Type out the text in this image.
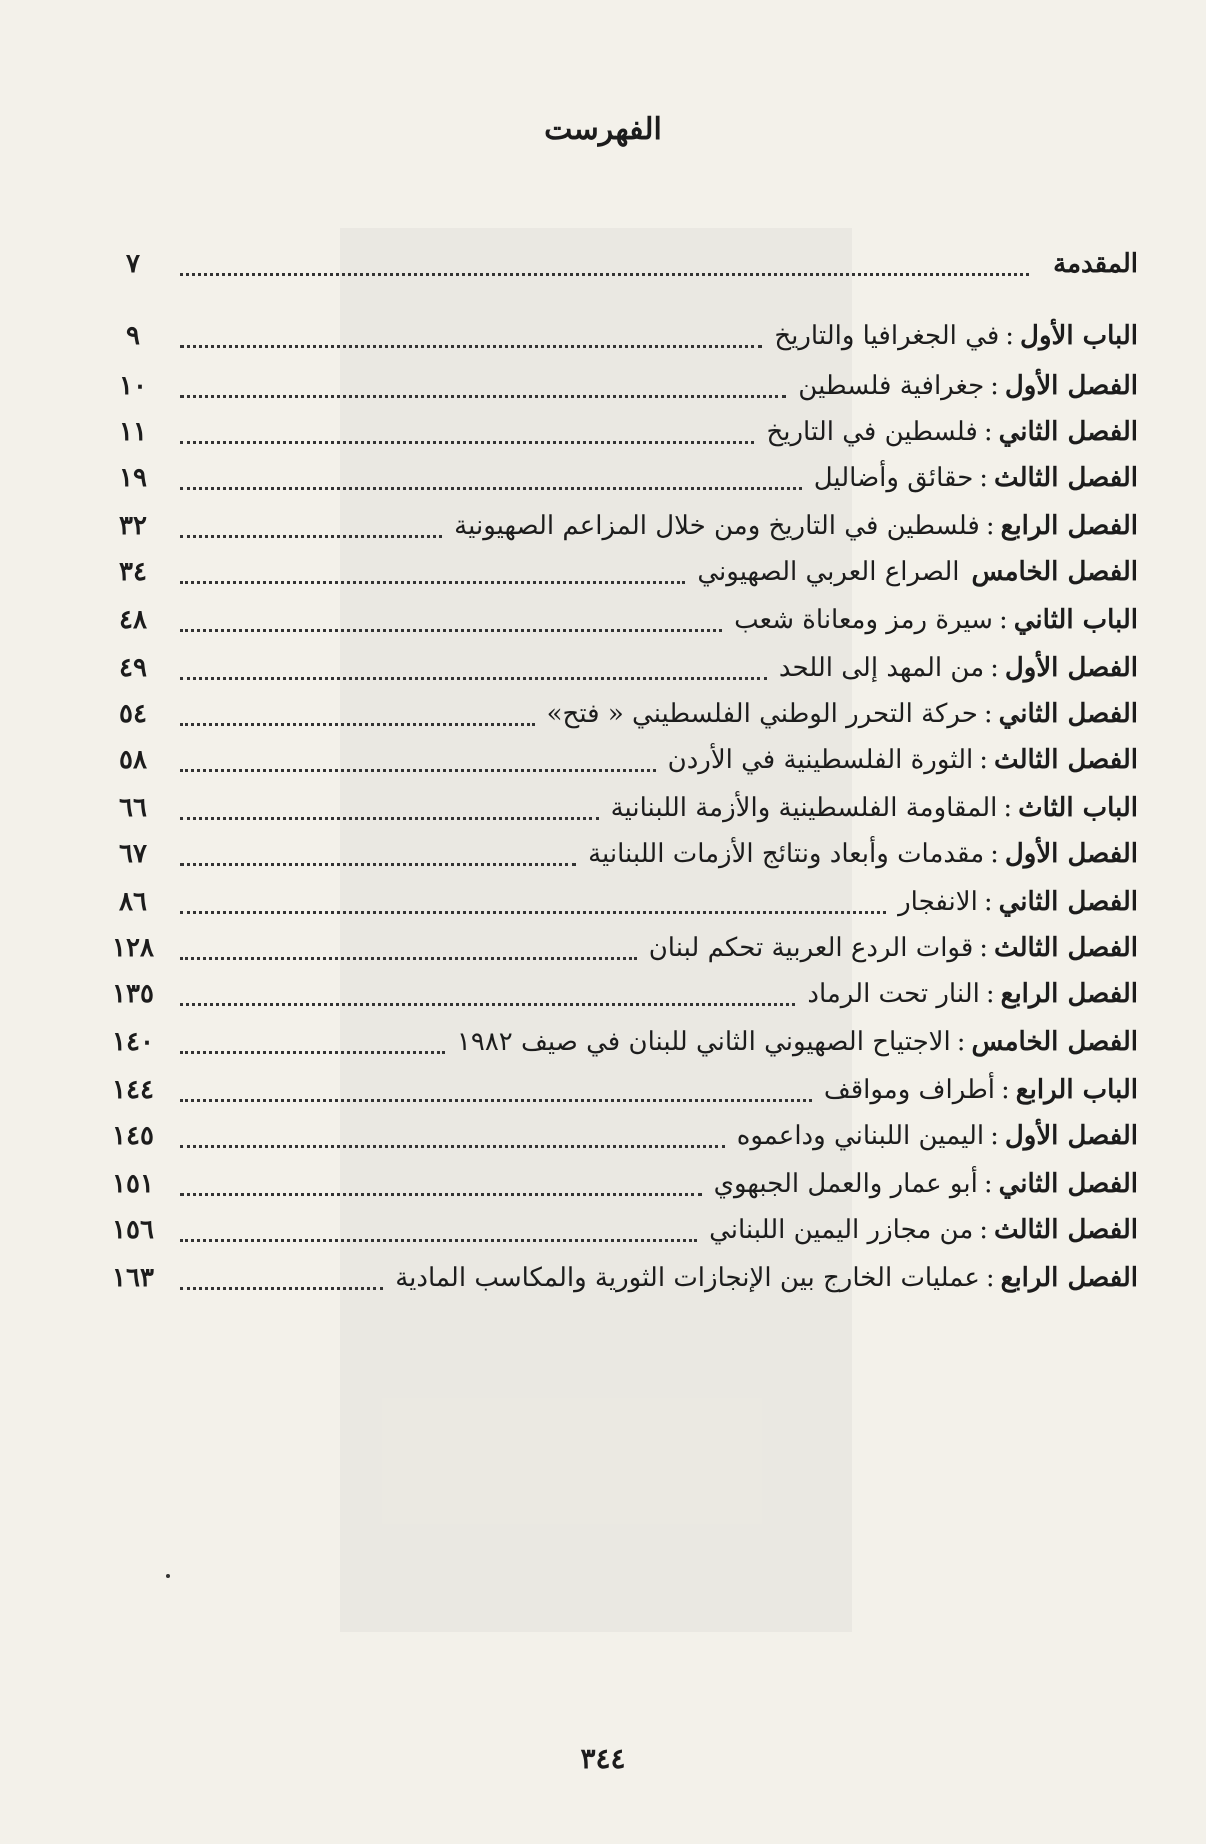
الفهرست
المقدمة
٧
الباب الأول
:
في الجغرافيا والتاريخ
٩
الفصل الأول
:
جغرافية فلسطين
١٠
الفصل الثاني
:
فلسطين في التاريخ
١١
الفصل الثالث
:
حقائق وأضاليل
١٩
الفصل الرابع
:
فلسطين في التاريخ ومن خلال المزاعم الصهيونية
٣٢
الفصل الخامس
الصراع العربي الصهيوني
٣٤
الباب الثاني
:
سيرة رمز ومعاناة شعب
٤٨
الفصل الأول
:
من المهد إلى اللحد
٤٩
الفصل الثاني
:
حركة التحرر الوطني الفلسطيني « فتح»
٥٤
الفصل الثالث
:
الثورة الفلسطينية في الأردن
٥٨
الباب الثاث
:
المقاومة الفلسطينية والأزمة اللبنانية
٦٦
الفصل الأول
:
مقدمات وأبعاد ونتائج الأزمات اللبنانية
٦٧
الفصل الثاني
:
الانفجار
٨٦
الفصل الثالث
:
قوات الردع العربية تحكم لبنان
١٢٨
الفصل الرابع
:
النار تحت الرماد
١٣٥
الفصل الخامس
:
الاجتياح الصهيوني الثاني للبنان في صيف ١٩٨٢
١٤٠
الباب الرابع
:
أطراف ومواقف
١٤٤
الفصل الأول
:
اليمين اللبناني وداعموه
١٤٥
الفصل الثاني
:
أبو عمار والعمل الجبهوي
١٥١
الفصل الثالث
:
من مجازر اليمين اللبناني
١٥٦
الفصل الرابع
:
عمليات الخارج بين الإنجازات الثورية والمكاسب المادية
١٦٣
٣٤٤
